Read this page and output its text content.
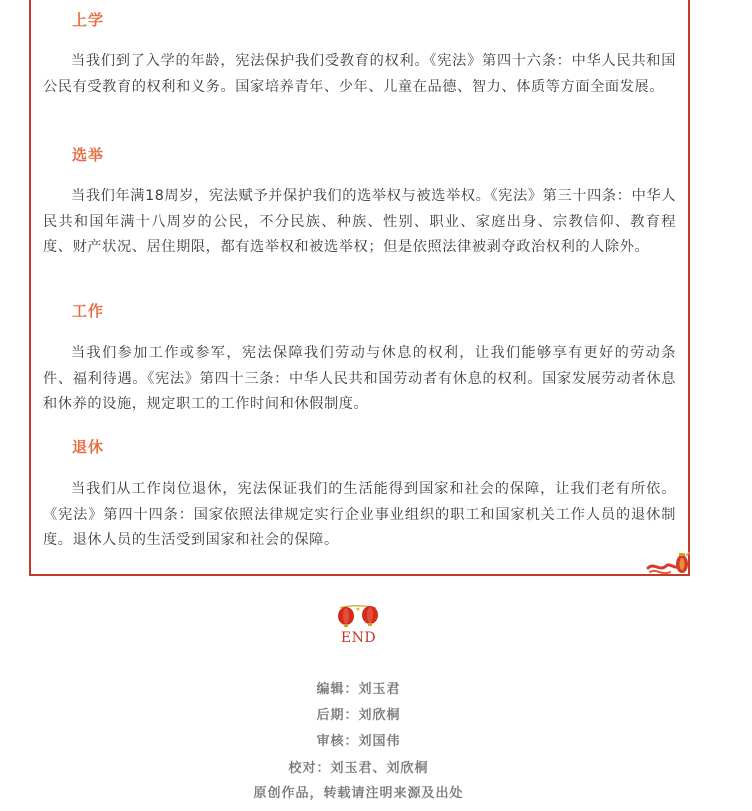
上学
当我们到了入学的年龄，宪法保护我们受教育的权利。《宪法》第四十六条：中华人民共和国公民有受教育的权利和义务。国家培养青年、少年、儿童在品德、智力、体质等方面全面发展。
选举
当我们年满18周岁，宪法赋予并保护我们的选举权与被选举权。《宪法》第三十四条：中华人民共和国年满十八周岁的公民，不分民族、种族、性别、职业、家庭出身、宗教信仰、教育程度、财产状况、居住期限，都有选举权和被选举权；但是依照法律被剥夺政治权利的人除外。
工作
当我们参加工作或参军，宪法保障我们劳动与休息的权利，让我们能够享有更好的劳动条件、福利待遇。《宪法》第四十三条：中华人民共和国劳动者有休息的权利。国家发展劳动者休息和休养的设施，规定职工的工作时间和休假制度。
退休
当我们从工作岗位退休，宪法保证我们的生活能得到国家和社会的保障，让我们老有所依。《宪法》第四十四条：国家依照法律规定实行企业事业组织的职工和国家机关工作人员的退休制度。退休人员的生活受到国家和社会的保障。
END
编辑：刘玉君
后期：刘欣桐
审核：刘国伟
校对：刘玉君、刘欣桐
原创作品，转载请注明来源及出处
